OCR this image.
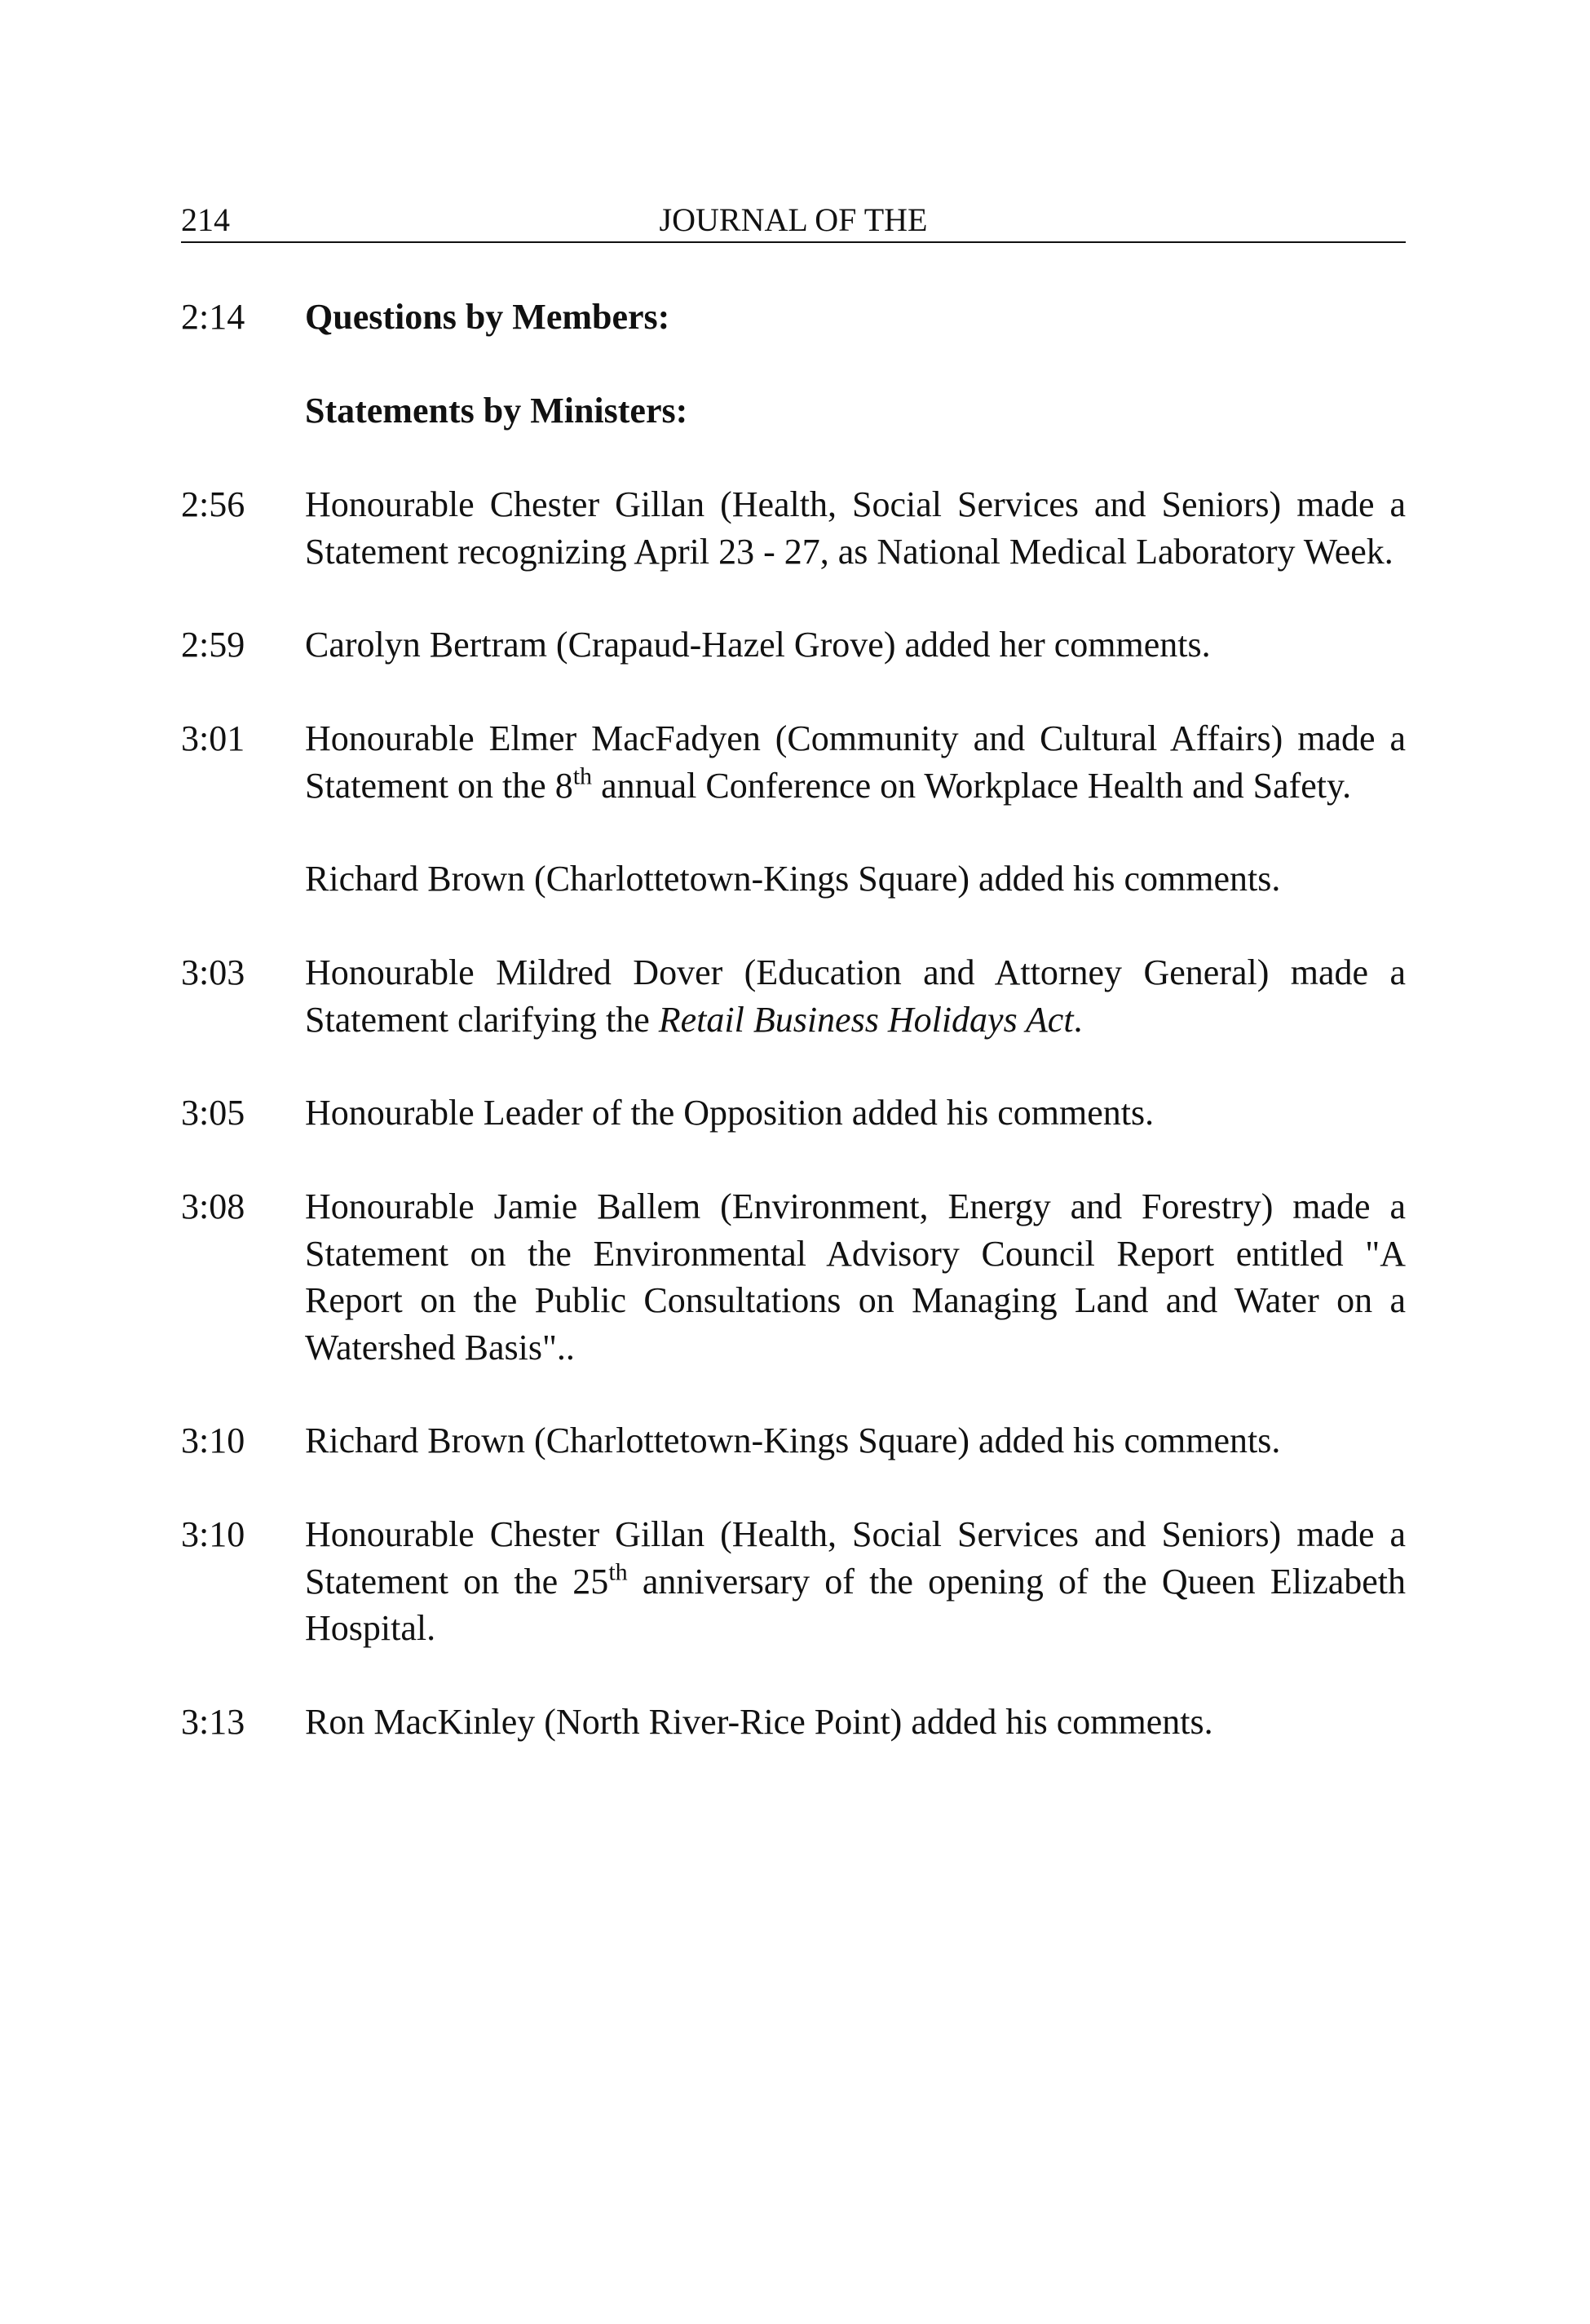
214	JOURNAL OF THE
2:14 Questions by Members:
Statements by Ministers:
2:56 Honourable Chester Gillan (Health, Social Services and Seniors) made a Statement recognizing April 23 - 27, as National Medical Laboratory Week.
2:59 Carolyn Bertram (Crapaud-Hazel Grove) added her comments.
3:01 Honourable Elmer MacFadyen (Community and Cultural Affairs) made a Statement on the 8th annual Conference on Workplace Health and Safety.
Richard Brown (Charlottetown-Kings Square) added his comments.
3:03 Honourable Mildred Dover (Education and Attorney General) made a Statement clarifying the Retail Business Holidays Act.
3:05 Honourable Leader of the Opposition added his comments.
3:08 Honourable Jamie Ballem (Environment, Energy and Forestry) made a Statement on the Environmental Advisory Council Report entitled "A Report on the Public Consultations on Managing Land and Water on a Watershed Basis"..
3:10 Richard Brown (Charlottetown-Kings Square) added his comments.
3:10 Honourable Chester Gillan (Health, Social Services and Seniors) made a Statement on the 25th anniversary of the opening of the Queen Elizabeth Hospital.
3:13 Ron MacKinley (North River-Rice Point) added his comments.
